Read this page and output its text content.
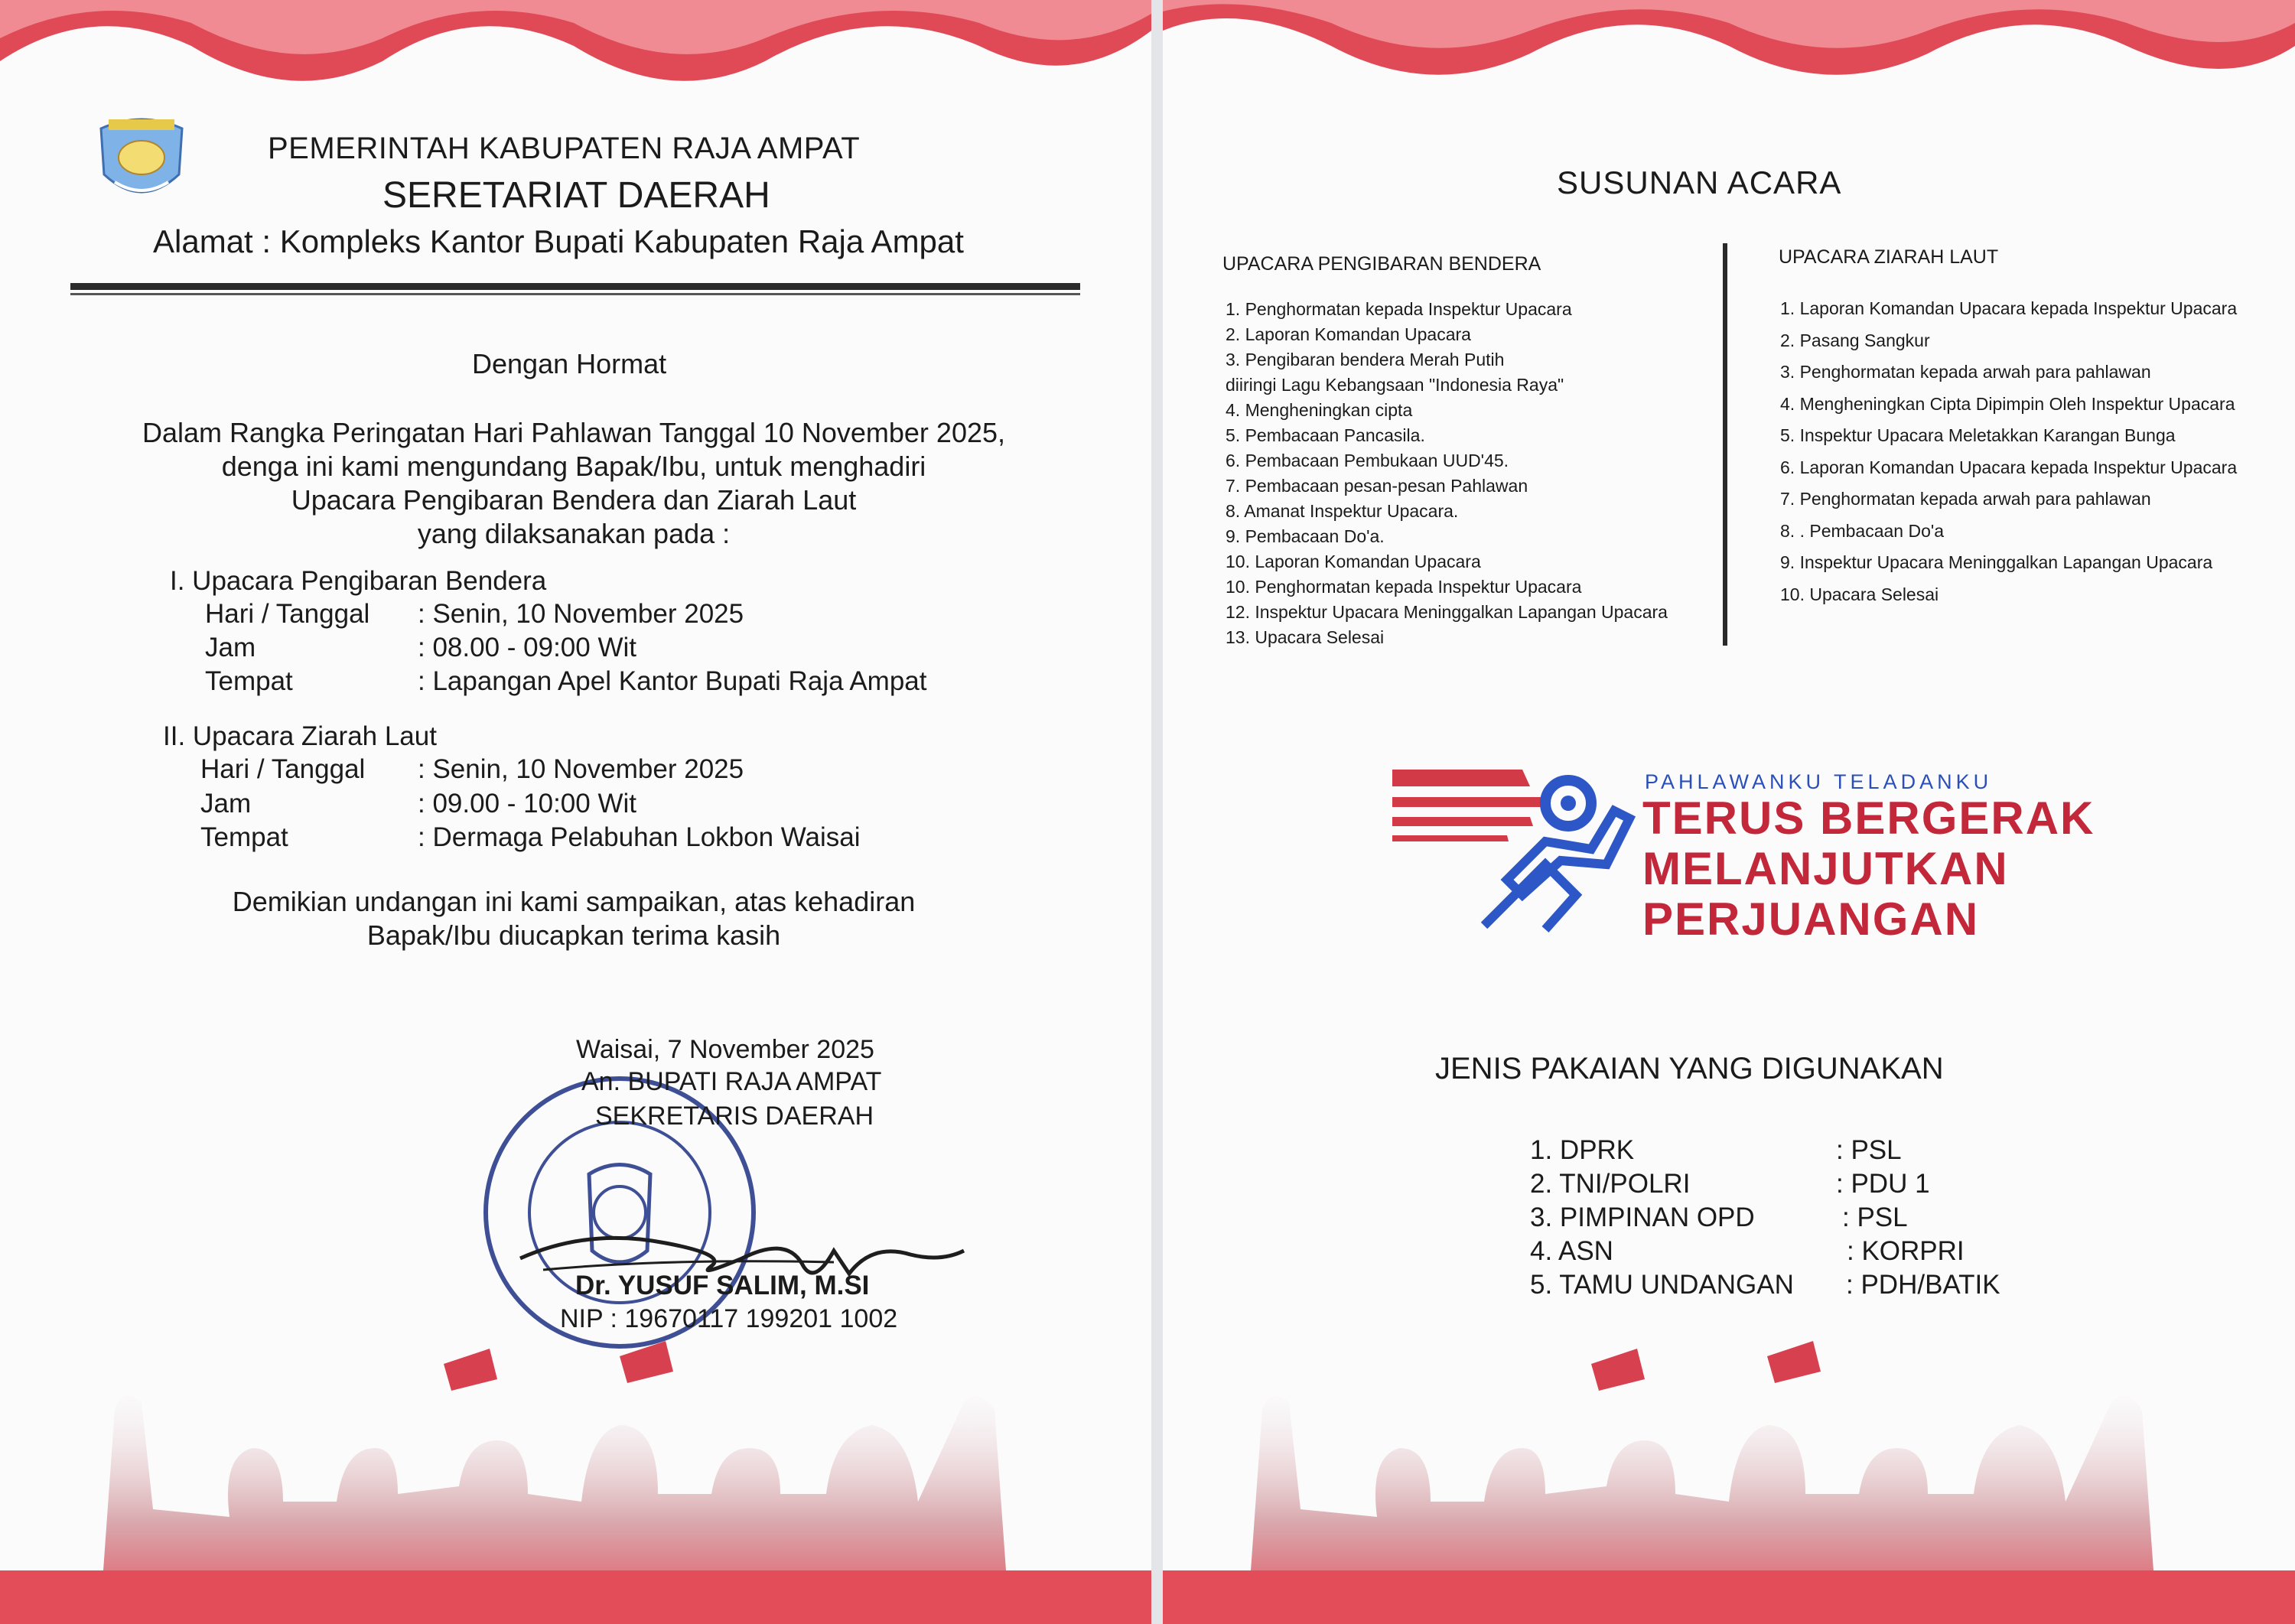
PEMERINTAH KABUPATEN RAJA AMPAT
SERETARIAT DAERAH
Alamat : Kompleks Kantor Bupati Kabupaten Raja Ampat
Dengan Hormat
Dalam Rangka Peringatan Hari Pahlawan Tanggal 10 November 2025,
denga ini kami mengundang Bapak/Ibu, untuk menghadiri
Upacara Pengibaran Bendera dan Ziarah Laut
yang dilaksanakan pada :
I. Upacara Pengibaran Bendera
Hari / Tanggal : Senin, 10 November 2025
Jam	: 08.00 - 09:00 Wit
Tempat	: Lapangan Apel Kantor Bupati Raja Ampat
II. Upacara Ziarah Laut
Hari / Tanggal : Senin, 10 November 2025
Jam	: 09.00 - 10:00 Wit
Tempat	: Dermaga Pelabuhan Lokbon Waisai
Demikian undangan ini kami sampaikan, atas kehadiran
Bapak/Ibu diucapkan terima kasih
Waisai, 7 November 2025
An. BUPATI RAJA AMPAT
SEKRETARIS DAERAH
Dr. YUSUF SALIM, M.SI
NIP : 19670117 199201 1002
SUSUNAN ACARA
UPACARA PENGIBARAN BENDERA
1. Penghormatan kepada Inspektur Upacara
2. Laporan Komandan Upacara
3. Pengibaran bendera Merah Putih
diiringi Lagu Kebangsaan "Indonesia Raya"
4. Mengheningkan cipta
5. Pembacaan Pancasila.
6. Pembacaan Pembukaan UUD'45.
7. Pembacaan pesan-pesan Pahlawan
8. Amanat Inspektur Upacara.
9. Pembacaan Do'a.
10. Laporan Komandan Upacara
10. Penghormatan kepada Inspektur Upacara
12. Inspektur Upacara Meninggalkan Lapangan Upacara
13. Upacara Selesai
UPACARA ZIARAH LAUT
1. Laporan Komandan Upacara kepada Inspektur Upacara
2. Pasang Sangkur
3. Penghormatan kepada arwah para pahlawan
4. Mengheningkan Cipta Dipimpin Oleh Inspektur Upacara
5. Inspektur Upacara Meletakkan Karangan Bunga
6. Laporan Komandan Upacara kepada Inspektur Upacara
7. Penghormatan kepada arwah para pahlawan
8. . Pembacaan Do'a
9. Inspektur Upacara Meninggalkan Lapangan Upacara
10. Upacara Selesai
PAHLAWANKU TELADANKU
TERUS BERGERAK
MELANJUTKAN
PERJUANGAN
JENIS PAKAIAN YANG DIGUNAKAN
1. DPRK	: PSL
2. TNI/POLRI	: PDU 1
3. PIMPINAN OPD	: PSL
4. ASN	: KORPRI
5. TAMU UNDANGAN : PDH/BATIK
